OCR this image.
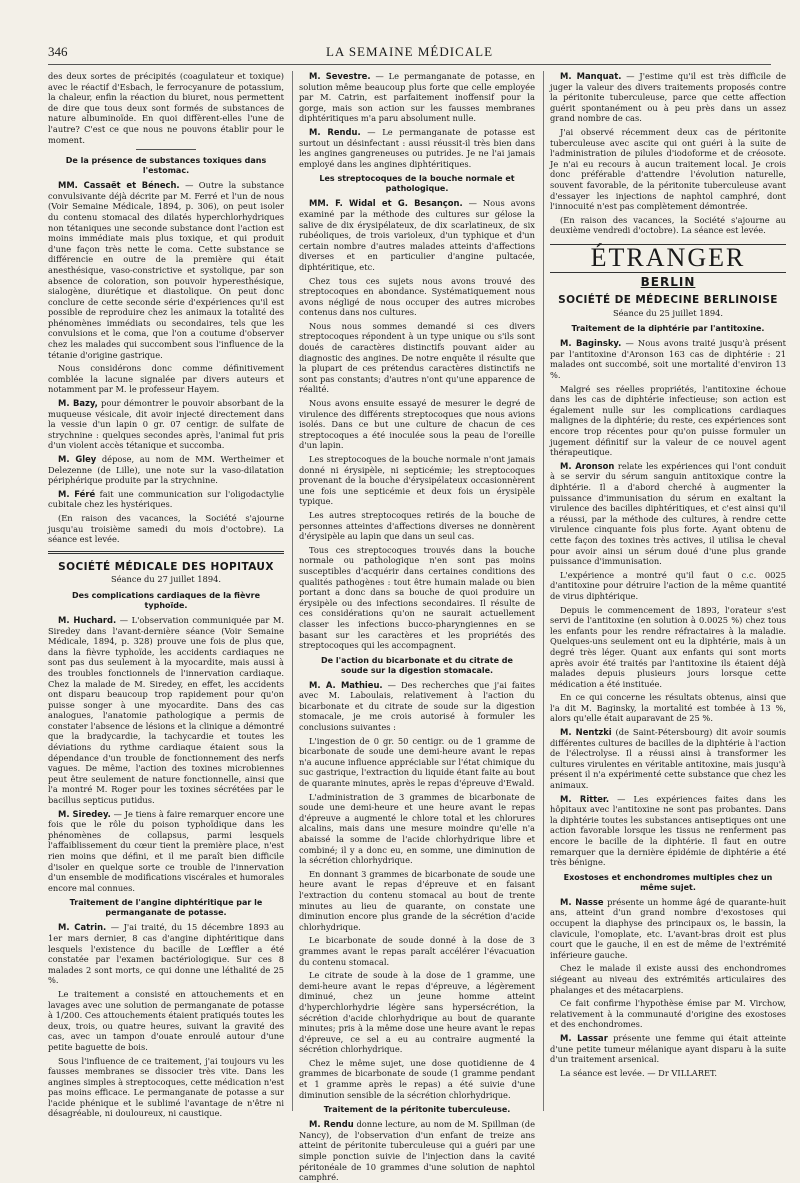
346	LA SEMAINE MÉDICALE

des deux sortes de précipités (coagulateur et toxique) avec le réactif d'Esbach, le ferrocyanure de potassium, la chaleur, enfin la réaction du biuret, nous permettent de dire que tous deux sont formés de substances de nature albuminoïde. En quoi diffèrent-elles l'une de l'autre? C'est ce que nous ne pouvons établir pour le moment.

De la présence de substances toxiques dans l'estomac.

MM. Cassaët et Bénech. — Outre la substance convulsivante déjà décrite par M. Ferré et l'un de nous (Voir Semaine Médicale, 1894, p. 306), on peut isoler du contenu stomacal des dilatés hyperchlorhydriques non tétaniques une seconde substance dont l'action est moins immédiate mais plus toxique, et qui produit d'une façon très nette le coma. Cette substance se différencie en outre de la première qui était anesthésique, vaso-constrictive et systolique, par son absence de coloration, son pouvoir hyperesthésique, sialogène, diurétique et diastolique. On peut donc conclure de cette seconde série d'expériences qu'il est possible de reproduire chez les animaux la totalité des phénomènes immédiats ou secondaires, tels que les convulsions et le coma, que l'on a coutume d'observer chez les malades qui succombent sous l'influence de la tétanie d'origine gastrique.

Nous considérons donc comme définitivement comblée la lacune signalée par divers auteurs et notamment par M. le professeur Hayem.

M. Bazy, pour démontrer le pouvoir absorbant de la muqueuse vésicale, dit avoir injecté directement dans la vessie d'un lapin 0 gr. 07 centigr. de sulfate de strychnine : quelques secondes après, l'animal fut pris d'un violent accès tétanique et succomba.

M. Gley dépose, au nom de MM. Wertheimer et Delezenne (de Lille), une note sur la vaso-dilatation périphérique produite par la strychnine.

M. Féré fait une communication sur l'oligodactylie cubitale chez les hystériques.

(En raison des vacances, la Société s'ajourne jusqu'au troisième samedi du mois d'octobre). La séance est levée.

SOCIÉTÉ MÉDICALE DES HOPITAUX
Séance du 27 juillet 1894.
Des complications cardiaques de la fièvre typhoïde.

M. Huchard. — L'observation communiquée par M. Siredey dans l'avant-dernière séance (Voir Semaine Médicale, 1894, p. 328) prouve une fois de plus que, dans la fièvre typhoïde, les accidents cardiaques ne sont pas dus seulement à la myocardite, mais aussi à des troubles fonctionnels de l'innervation cardiaque. Chez la malade de M. Siredey, en effet, les accidents ont disparu beaucoup trop rapidement pour qu'on puisse songer à une myocardite. Dans des cas analogues, l'anatomie pathologique a permis de constater l'absence de lésions et la clinique a démontré que la bradycardie, la tachycardie et toutes les déviations du rythme cardiaque étaient sous la dépendance d'un trouble de fonctionnement des nerfs vagues. De même, l'action des toxines microbiennes peut être seulement de nature fonctionnelle, ainsi que l'a montré M. Roger pour les toxines sécrétées par le bacillus septicus putidus.

M. Siredey. — Je tiens à faire remarquer encore une fois que le rôle du poison typhoïdique dans les phénomènes de collapsus, parmi lesquels l'affaiblissement du cœur tient la première place, n'est rien moins que défini, et il me paraît bien difficile d'isoler en quelque sorte ce trouble de l'innervation d'un ensemble de modifications viscérales et humorales encore mal connues.

Traitement de l'angine diphtéritique par le permanganate de potasse.

M. Catrin. — J'ai traité, du 15 décembre 1893 au 1er mars dernier, 8 cas d'angine diphtéritique dans lesquels l'existence du bacille de Lœffler a été constatée par l'examen bactériologique. Sur ces 8 malades 2 sont morts, ce qui donne une léthalité de 25 %.

Le traitement a consisté en attouchements et en lavages avec une solution de permanganate de potasse à 1/200. Ces attouchements étaient pratiqués toutes les deux, trois, ou quatre heures, suivant la gravité des cas, avec un tampon d'ouate enroulé autour d'une petite baguette de bois.

Sous l'influence de ce traitement, j'ai toujours vu les fausses membranes se dissocier très vite. Dans les angines simples à streptocoques, cette médication n'est pas moins efficace. Le permanganate de potasse a sur l'acide phénique et le sublimé l'avantage de n'être ni désagréable, ni douloureux, ni caustique.

M. Sevestre. — Le permanganate de potasse, en solution même beaucoup plus forte que celle employée par M. Catrin, est parfaitement inoffensif pour la gorge, mais son action sur les fausses membranes diphtéritiques m'a paru absolument nulle.

M. Rendu. — Le permanganate de potasse est surtout un désinfectant : aussi réussit-il très bien dans les angines gangreneuses ou putrides. Je ne l'ai jamais employé dans les angines diphtéritiques.

Les streptocoques de la bouche normale et pathologique.

MM. F. Widal et G. Besançon. — Nous avons examiné par la méthode des cultures sur gélose la salive de dix érysipélateux, de dix scarlatineux, de six rubéoliques, de trois varioleux, d'un typhique et d'un certain nombre d'autres malades atteints d'affections diverses et en particulier d'angine pultacée, diphtéritique, etc.

Chez tous ces sujets nous avons trouvé des streptocoques en abondance. Systématiquement nous avons négligé de nous occuper des autres microbes contenus dans nos cultures.

Nous nous sommes demandé si ces divers streptocoques répondent à un type unique ou s'ils sont doués de caractères distinctifs pouvant aider au diagnostic des angines. De notre enquête il résulte que la plupart de ces prétendus caractères distinctifs ne sont pas constants; d'autres n'ont qu'une apparence de réalité.

Nous avons ensuite essayé de mesurer le degré de virulence des différents streptocoques que nous avions isolés. Dans ce but une culture de chacun de ces streptocoques a été inoculée sous la peau de l'oreille d'un lapin.

Les streptocoques de la bouche normale n'ont jamais donné ni érysipèle, ni septicémie; les streptocoques provenant de la bouche d'érysipélateux occasionnèrent une fois une septicémie et deux fois un érysipèle typique.

Les autres streptocoques retirés de la bouche de personnes atteintes d'affections diverses ne donnèrent d'érysipèle au lapin que dans un seul cas.

Tous ces streptocoques trouvés dans la bouche normale ou pathologique n'en sont pas moins susceptibles d'acquérir dans certaines conditions des qualités pathogènes : tout être humain malade ou bien portant a donc dans sa bouche de quoi produire un érysipèle ou des infections secondaires. Il résulte de ces considérations qu'on ne saurait actuellement classer les infections bucco-pharyngiennes en se basant sur les caractères et les propriétés des streptocoques qui les accompagnent.

De l'action du bicarbonate et du citrate de soude sur la digestion stomacale.

M. A. Mathieu. — Des recherches que j'ai faites avec M. Laboulais, relativement à l'action du bicarbonate et du citrate de soude sur la digestion stomacale, je me crois autorisé à formuler les conclusions suivantes :

L'ingestion de 0 gr. 50 centigr. ou de 1 gramme de bicarbonate de soude une demi-heure avant le repas n'a aucune influence appréciable sur l'état chimique du suc gastrique, l'extraction du liquide étant faite au bout de quarante minutes, après le repas d'épreuve d'Ewald.

L'administration de 3 grammes de bicarbonate de soude une demi-heure et une heure avant le repas d'épreuve a augmenté le chlore total et les chlorures alcalins, mais dans une mesure moindre qu'elle n'a abaissé la somme de l'acide chlorhydrique libre et combiné; il y a donc eu, en somme, une diminution de la sécrétion chlorhydrique.

En donnant 3 grammes de bicarbonate de soude une heure avant le repas d'épreuve et en faisant l'extraction du contenu stomacal au bout de trente minutes au lieu de quarante, on constate une diminution encore plus grande de la sécrétion d'acide chlorhydrique.

Le bicarbonate de soude donné à la dose de 3 grammes avant le repas paraît accélérer l'évacuation du contenu stomacal.

Le citrate de soude à la dose de 1 gramme, une demi-heure avant le repas d'épreuve, a légèrement diminué, chez un jeune homme atteint d'hyperchlorhydrie légère sans hypersécrétion, la sécrétion d'acide chlorhydrique au bout de quarante minutes; pris à la même dose une heure avant le repas d'épreuve, ce sel a eu au contraire augmenté la sécrétion chlorhydrique.

Chez le même sujet, une dose quotidienne de 4 grammes de bicarbonate de soude (1 gramme pendant et 1 gramme après le repas) a été suivie d'une diminution sensible de la sécrétion chlorhydrique.

Traitement de la péritonite tuberculeuse.

M. Rendu donne lecture, au nom de M. Spillman (de Nancy), de l'observation d'un enfant de treize ans atteint de péritonite tuberculeuse qui a guéri par une simple ponction suivie de l'injection dans la cavité péritonéale de 10 grammes d'une solution de naphtol camphré.

M. Manquat. — J'estime qu'il est très difficile de juger la valeur des divers traitements proposés contre la péritonite tuberculeuse, parce que cette affection guérit spontanément ou à peu près dans un assez grand nombre de cas.

J'ai observé récemment deux cas de péritonite tuberculeuse avec ascite qui ont guéri à la suite de l'administration de pilules d'iodoforme et de créosote. Je n'ai eu recours à aucun traitement local. Je crois donc préférable d'attendre l'évolution naturelle, souvent favorable, de la péritonite tuberculeuse avant d'essayer les injections de naphtol camphré, dont l'innocuité n'est pas complètement démontrée.

(En raison des vacances, la Société s'ajourne au deuxième vendredi d'octobre). La séance est levée.

ÉTRANGER
BERLIN
SOCIÉTÉ DE MÉDECINE BERLINOISE
Séance du 25 juillet 1894.
Traitement de la diphtérie par l'antitoxine.

M. Baginsky. — Nous avons traité jusqu'à présent par l'antitoxine d'Aronson 163 cas de diphtérie : 21 malades ont succombé, soit une mortalité d'environ 13 %.

Malgré ses réelles propriétés, l'antitoxine échoue dans les cas de diphtérie infectieuse; son action est également nulle sur les complications cardiaques malignes de la diphtérie; du reste, ces expériences sont encore trop récentes pour qu'on puisse formuler un jugement définitif sur la valeur de ce nouvel agent thérapeutique.

M. Aronson relate les expériences qui l'ont conduit à se servir du sérum sanguin antitoxique contre la diphtérie. Il a d'abord cherché à augmenter la puissance d'immunisation du sérum en exaltant la virulence des bacilles diphtéritiques, et c'est ainsi qu'il a réussi, par la méthode des cultures, à rendre cette virulence cinquante fois plus forte. Ayant obtenu de cette façon des toxines très actives, il utilisa le cheval pour avoir ainsi un sérum doué d'une plus grande puissance d'immunisation.

L'expérience a montré qu'il faut 0 c.c. 0025 d'antitoxine pour détruire l'action de la même quantité de virus diphtérique.

Depuis le commencement de 1893, l'orateur s'est servi de l'antitoxine (en solution à 0.0025 %) chez tous les enfants pour les rendre réfractaires à la maladie. Quelques-uns seulement ont eu la diphtérie, mais à un degré très léger. Quant aux enfants qui sont morts après avoir été traités par l'antitoxine ils étaient déjà malades depuis plusieurs jours lorsque cette médication a été instituée.

En ce qui concerne les résultats obtenus, ainsi que l'a dit M. Baginsky, la mortalité est tombée à 13 %, alors qu'elle était auparavant de 25 %.

M. Nentzki (de Saint-Pétersbourg) dit avoir soumis différentes cultures de bacilles de la diphtérie à l'action de l'électrolyse. Il a réussi ainsi à transformer les cultures virulentes en véritable antitoxine, mais jusqu'à présent il n'a expérimenté cette substance que chez les animaux.

M. Ritter. — Les expériences faites dans les hôpitaux avec l'antitoxine ne sont pas probantes. Dans la diphtérie toutes les substances antiseptiques ont une action favorable lorsque les tissus ne renferment pas encore le bacille de la diphtérie. Il faut en outre remarquer que la dernière épidémie de diphtérie a été très bénigne.

Exostoses et enchondromes multiples chez un même sujet.

M. Nasse présente un homme âgé de quarante-huit ans, atteint d'un grand nombre d'exostoses qui occupent la diaphyse des principaux os, le bassin, la clavicule, l'omoplate, etc. L'avant-bras droit est plus court que le gauche, il en est de même de l'extrémité inférieure gauche.

Chez le malade il existe aussi des enchondromes siégeant au niveau des extrémités articulaires des phalanges et des métacarpiens.

Ce fait confirme l'hypothèse émise par M. Virchow, relativement à la communauté d'origine des exostoses et des enchondromes.

M. Lassar présente une femme qui était atteinte d'une petite tumeur mélanique ayant disparu à la suite d'un traitement arsenical.

La séance est levée. — Dr VILLARET.
